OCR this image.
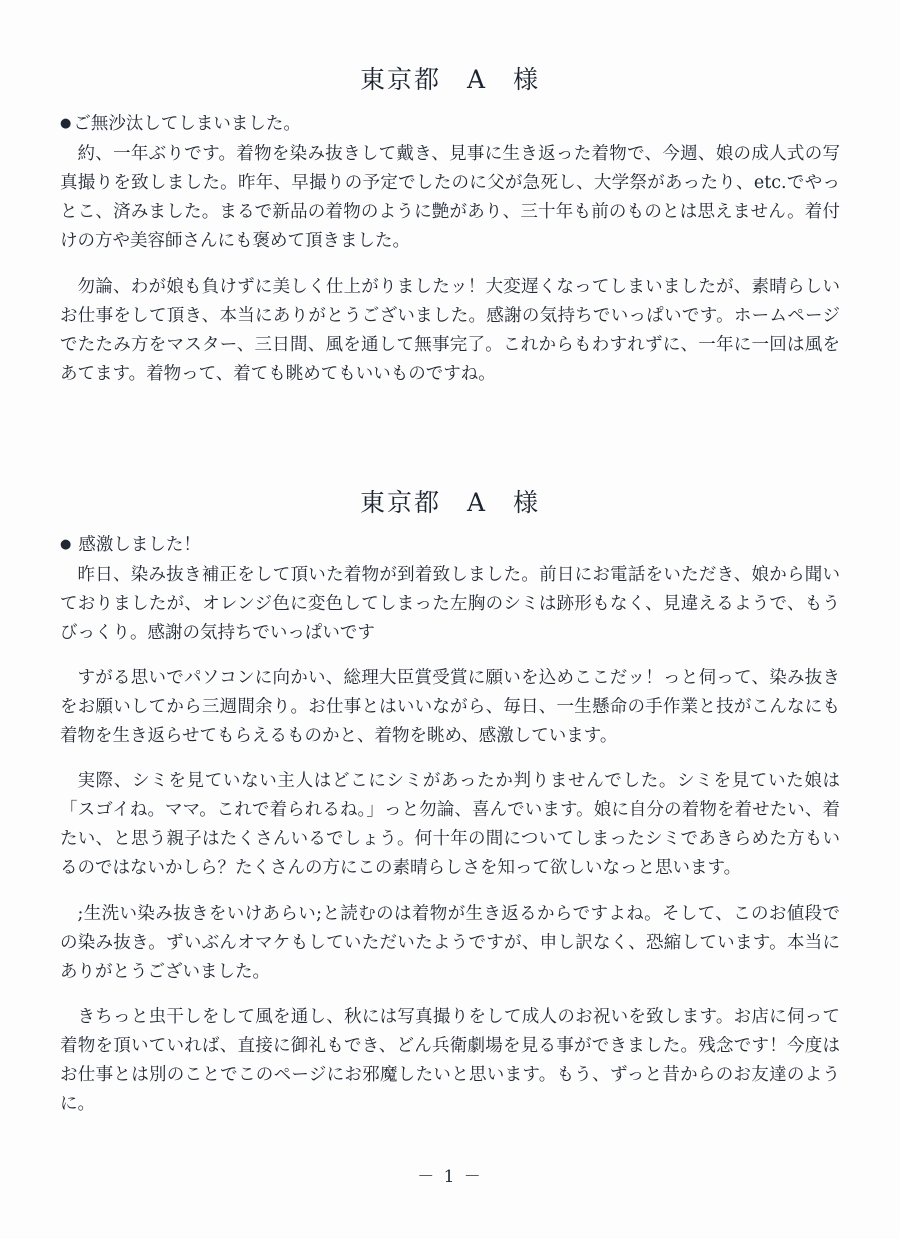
東京都 A 様
● ご無沙汰してしまいました。

約、一年ぶりです。着物を染み抜きして戴き、見事に生き返った着物で、今週、娘の成人式の写真撮りを致しました。昨年、早撮りの予定でしたのに父が急死し、大学祭があったり、etc.でやっとこ、済みました。まるで新品の着物のように艶があり、三十年も前のものとは思えません。着付けの方や美容師さんにも褒めて頂きました。

勿論、わが娘も負けずに美しく仕上がりましたッ！大変遅くなってしまいましたが、素晴らしいお仕事をして頂き、本当にありがとうございました。感謝の気持ちでいっぱいです。ホームページでたたみ方をマスター、三日間、風を通して無事完了。これからもわすれずに、一年に一回は風をあてます。着物って、着ても眺めてもいいものですね。

東京都 A 様
● 感激しました！

昨日、染み抜き補正をして頂いた着物が到着致しました。前日にお電話をいただき、娘から聞いておりましたが、オレンジ色に変色してしまった左胸のシミは跡形もなく、見違えるようで、もうびっくり。感謝の気持ちでいっぱいです

すがる思いでパソコンに向かい、総理大臣賞受賞に願いを込めここだッ！っと伺って、染み抜きをお願いしてから三週間余り。お仕事とはいいながら、毎日、一生懸命の手作業と技がこんなにも着物を生き返らせてもらえるものかと、着物を眺め、感激しています。

実際、シミを見ていない主人はどこにシミがあったか判りませんでした。シミを見ていた娘は「スゴイね。ママ。これで着られるね。」っと勿論、喜んでいます。娘に自分の着物を着せたい、着たい、と思う親子はたくさんいるでしょう。何十年の間についてしまったシミであきらめた方もいるのではないかしら？たくさんの方にこの素晴らしさを知って欲しいなっと思います。

;生洗い染み抜きをいけあらい;と読むのは着物が生き返るからですよね。そして、このお値段での染み抜き。ずいぶんオマケもしていただいたようですが、申し訳なく、恐縮しています。本当にありがとうございました。

きちっと虫干しをして風を通し、秋には写真撮りをして成人のお祝いを致します。お店に伺って着物を頂いていれば、直接に御礼もでき、どん兵衛劇場を見る事ができました。残念です！今度はお仕事とは別のことでこのページにお邪魔したいと思います。もう、ずっと昔からのお友達のように。

－ 1 －
